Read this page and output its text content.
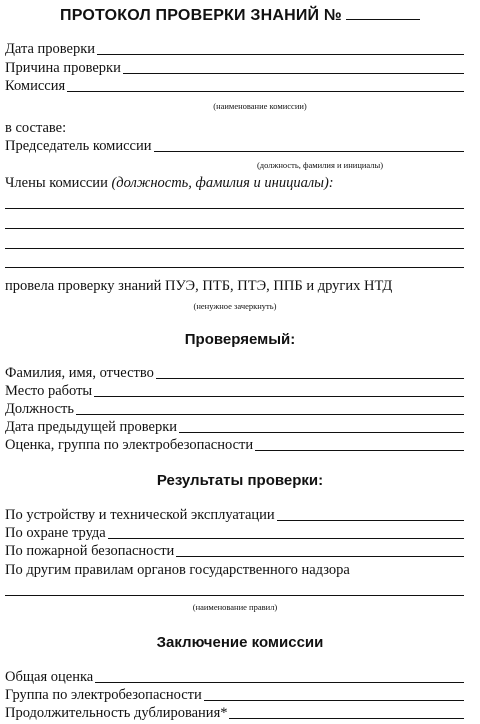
ПРОТОКОЛ ПРОВЕРКИ ЗНАНИЙ №
Дата проверки
Причина проверки
Комиссия
(наименование комиссии)
в составе:
Председатель комиссии
(должность, фамилия и инициалы)
Члены комиссии (должность, фамилия и инициалы):
провела проверку знаний ПУЭ, ПТБ, ПТЭ, ППБ и других НТД
(ненужное зачеркнуть)
Проверяемый:
Фамилия, имя, отчество
Место работы
Должность
Дата предыдущей проверки
Оценка, группа по электробезопасности
Результаты проверки:
По устройству и технической эксплуатации
По охране труда
По пожарной безопасности
По другим правилам органов государственного надзора
(наименование правил)
Заключение комиссии
Общая оценка
Группа по электробезопасности
Продолжительность дублирования*
